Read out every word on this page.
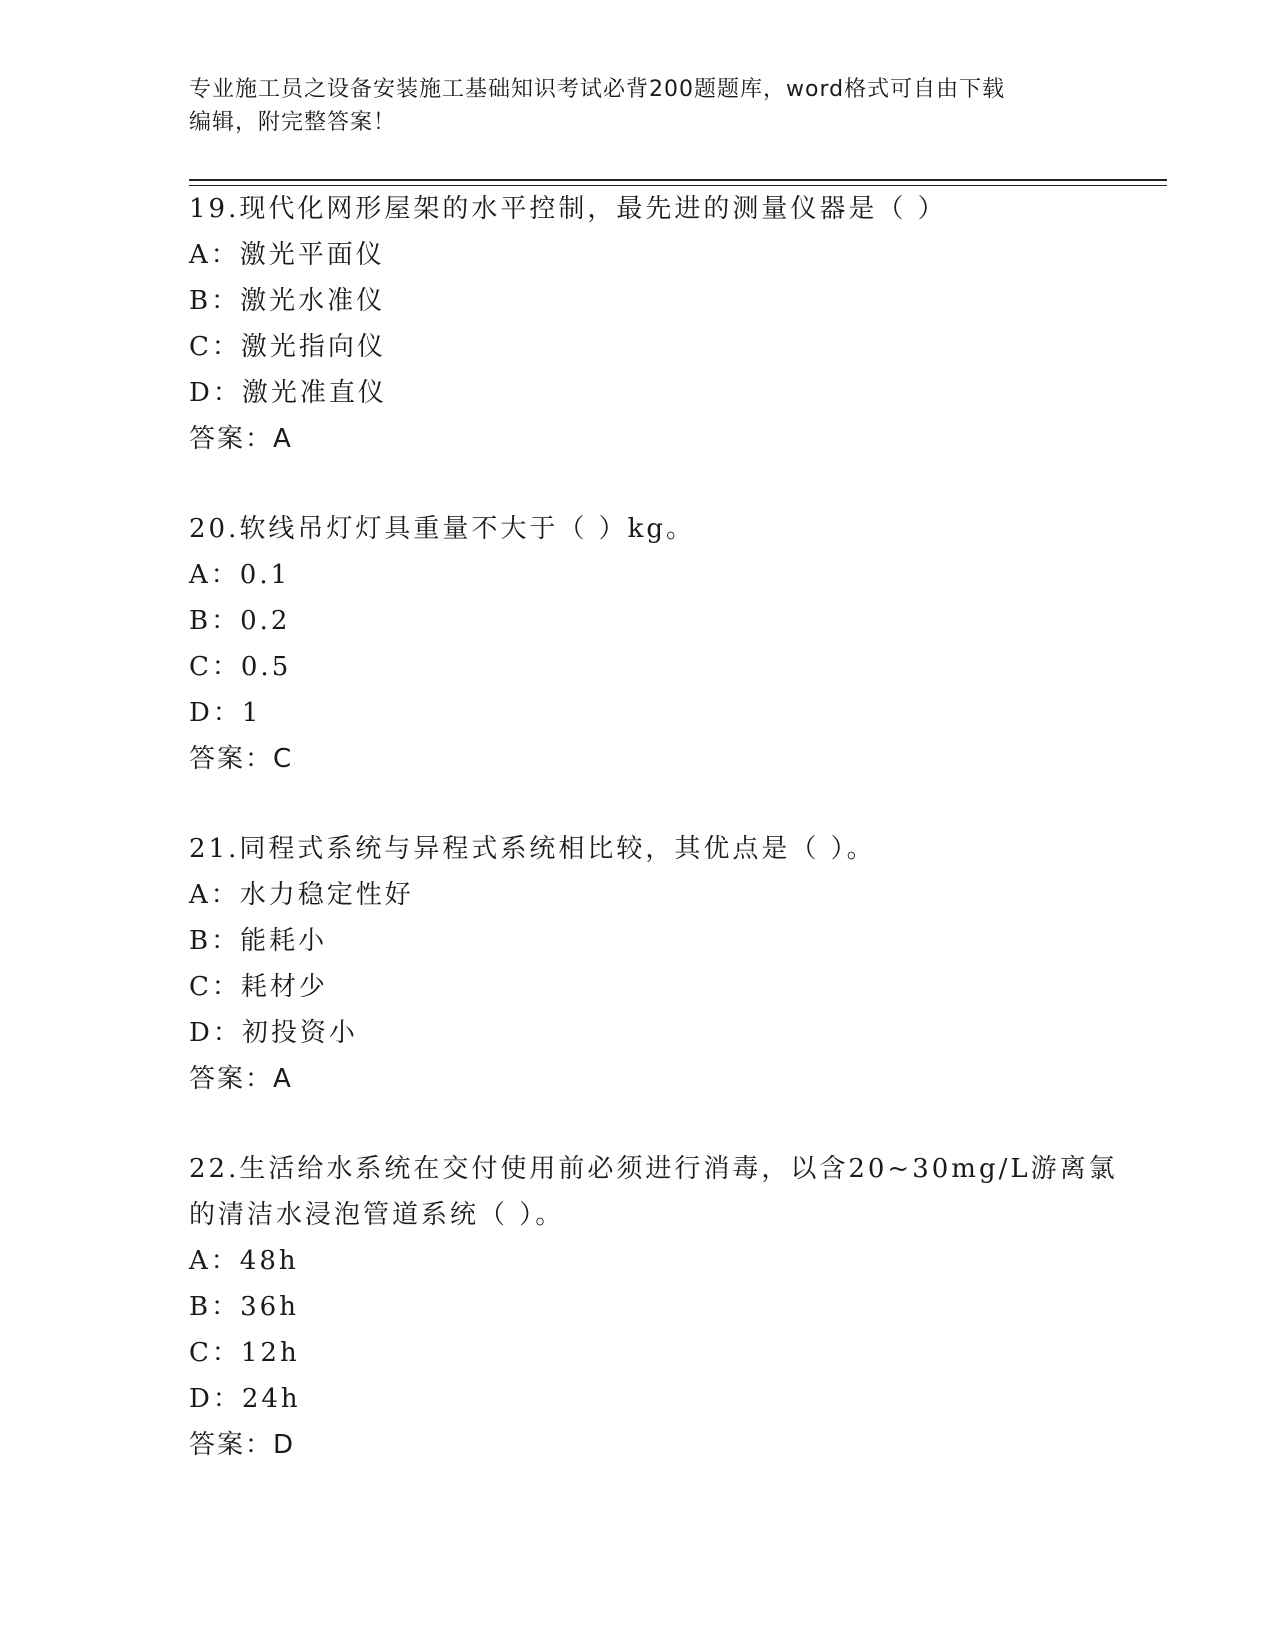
专业施工员之设备安装施工基础知识考试必背200题题库，word格式可自由下载
编辑，附完整答案！

19.现代化网形屋架的水平控制，最先进的测量仪器是（ ）

A：激光平面仪

B：激光水准仪

C：激光指向仪

D：激光准直仪

答案：A

20.软线吊灯灯具重量不大于（ ）kg。

A：0.1

B：0.2

C：0.5

D：1

答案：C

21.同程式系统与异程式系统相比较，其优点是（ ）。

A：水力稳定性好

B：能耗小

C：耗材少

D：初投资小

答案：A

22.生活给水系统在交付使用前必须进行消毒，以含20~30mg/L游离氯

的清洁水浸泡管道系统（ ）。

A：48h

B：36h

C：12h

D：24h

答案：D
